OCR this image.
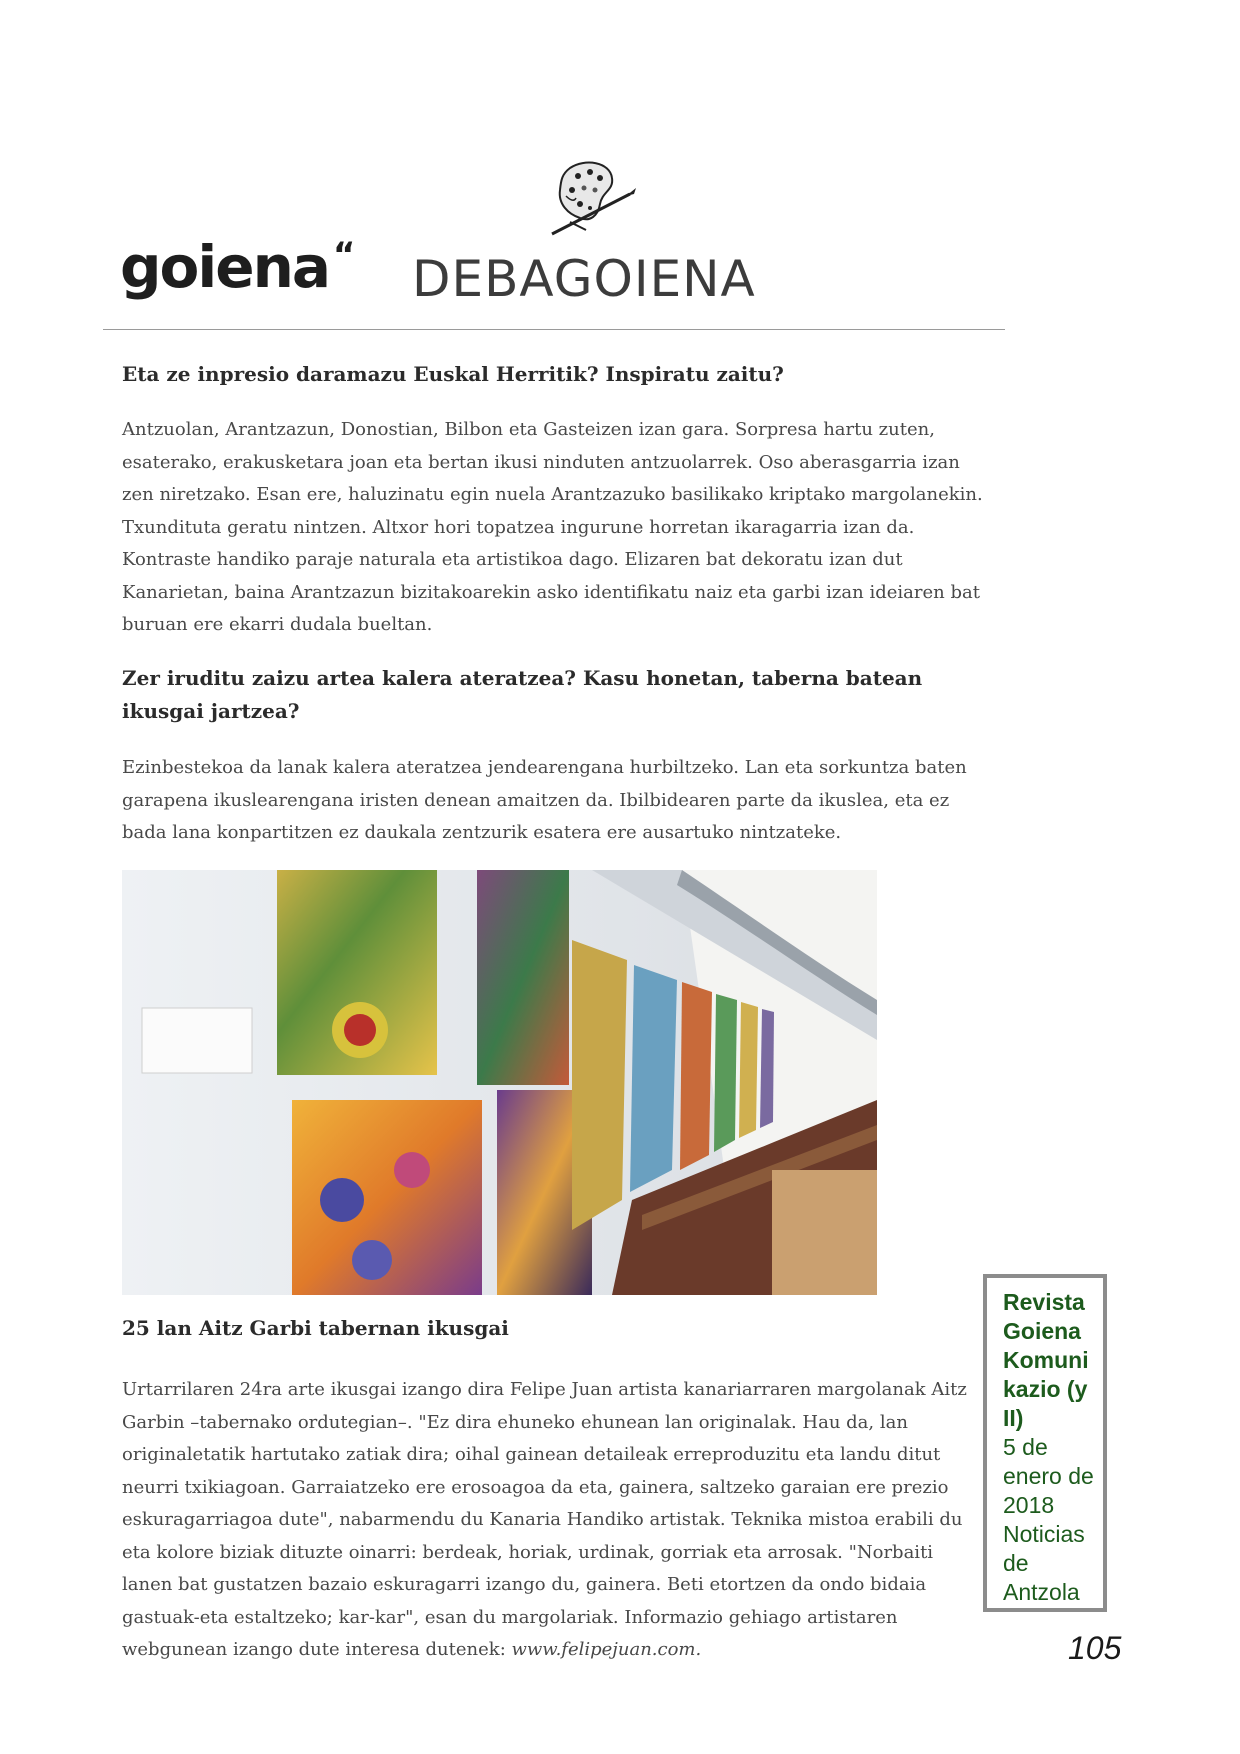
goiena “ DEBAGOIENA
Eta ze inpresio daramazu Euskal Herritik? Inspiratu zaitu?
Antzuolan, Arantzazun, Donostian, Bilbon eta Gasteizen izan gara. Sorpresa hartu zuten, esaterako, erakusketara joan eta bertan ikusi ninduten antzuolarrek. Oso aberasgarria izan zen niretzako. Esan ere, haluzinatu egin nuela Arantzazuko basilikako kriptako margolanekin. Txundituta geratu nintzen. Altxor hori topatzea ingurune horretan ikaragarria izan da. Kontraste handiko paraje naturala eta artistikoa dago. Elizaren bat dekoratu izan dut Kanarietan, baina Arantzazun bizitakoarekin asko identifikatu naiz eta garbi izan ideiaren bat buruan ere ekarri dudala bueltan.
Zer iruditu zaizu artea kalera ateratzea? Kasu honetan, taberna batean ikusgai jartzea?
Ezinbestekoa da lanak kalera ateratzea jendearengana hurbiltzeko. Lan eta sorkuntza baten garapena ikuslearengana iristen denean amaitzen da. Ibilbidearen parte da ikuslea, eta ez bada lana konpartitzen ez daukala zentzurik esatera ere ausartuko nintzateke.
25 lan Aitz Garbi tabernan ikusgai
Urtarrilaren 24ra arte ikusgai izango dira Felipe Juan artista kanariarraren margolanak Aitz Garbin –tabernako ordutegian–. "Ez dira ehuneko ehunean lan originalak. Hau da, lan originaletatik hartutako zatiak dira; oihal gainean detaileak erreproduzitu eta landu ditut neurri txikiagoan. Garraiatzeko ere erosoagoa da eta, gainera, saltzeko garaian ere prezio eskuragarriagoa dute", nabarmendu du Kanaria Handiko artistak. Teknika mistoa erabili du eta kolore biziak dituzte oinarri: berdeak, horiak, urdinak, gorriak eta arrosak. "Norbaiti lanen bat gustatzen bazaio eskuragarri izango du, gainera. Beti etortzen da ondo bidaia gastuak-eta estaltzeko; kar-kar", esan du margolariak. Informazio gehiago artistaren webgunean izango dute interesa dutenek: www.felipejuan.com.
Revista Goiena Komuni kazio (y II)
5 de enero de 2018 Noticias de Antzola
105
